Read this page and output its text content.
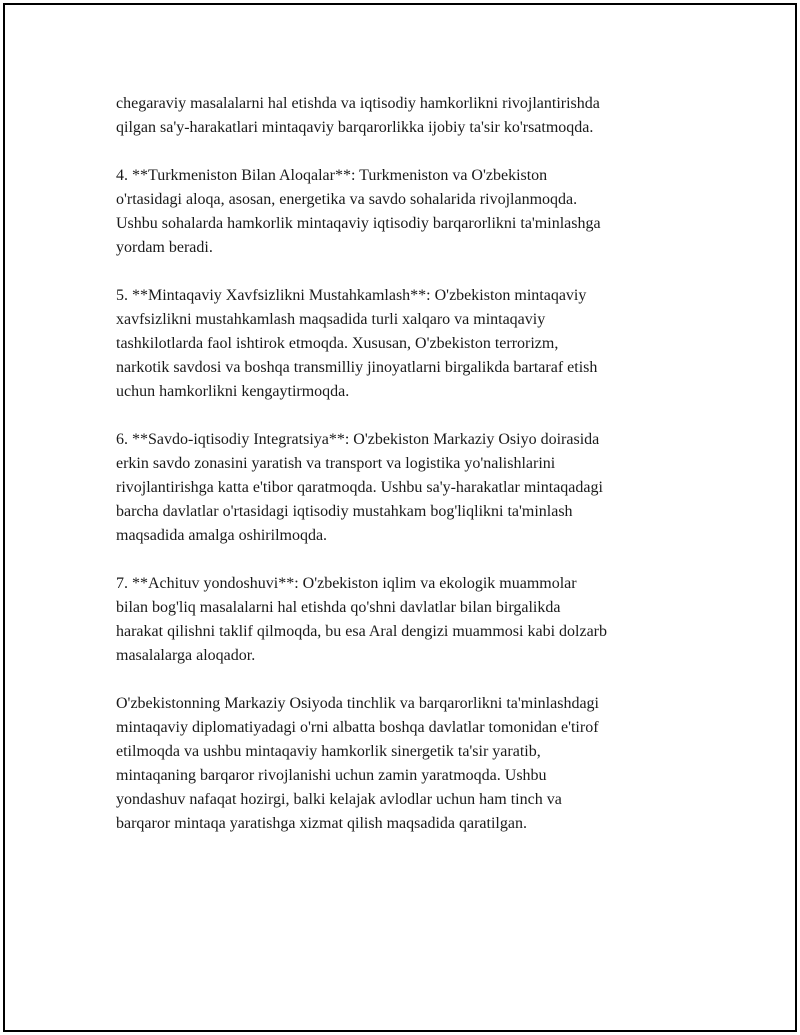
chegaraviy masalalarni hal etishda va iqtisodiy hamkorlikni rivojlantirishda
qilgan sa'y-harakatlari mintaqaviy barqarorlikka ijobiy ta'sir ko'rsatmoqda.

4. **Turkmeniston Bilan Aloqalar**: Turkmeniston va O'zbekiston
o'rtasidagi aloqa, asosan, energetika va savdo sohalarida rivojlanmoqda.
Ushbu sohalarda hamkorlik mintaqaviy iqtisodiy barqarorlikni ta'minlashga
yordam beradi.

5. **Mintaqaviy Xavfsizlikni Mustahkamlash**: O'zbekiston mintaqaviy
xavfsizlikni mustahkamlash maqsadida turli xalqaro va mintaqaviy
tashkilotlarda faol ishtirok etmoqda. Xususan, O'zbekiston terrorizm,
narkotik savdosi va boshqa transmilliy jinoyatlarni birgalikda bartaraf etish
uchun hamkorlikni kengaytirmoqda.

6. **Savdo-iqtisodiy Integratsiya**: O'zbekiston Markaziy Osiyo doirasida
erkin savdo zonasini yaratish va transport va logistika yo'nalishlarini
rivojlantirishga katta e'tibor qaratmoqda. Ushbu sa'y-harakatlar mintaqadagi
barcha davlatlar o'rtasidagi iqtisodiy mustahkam bog'liqlikni ta'minlash
maqsadida amalga oshirilmoqda.

7. **Achituv yondoshuvi**: O'zbekiston iqlim va ekologik muammolar
bilan bog'liq masalalarni hal etishda qo'shni davlatlar bilan birgalikda
harakat qilishni taklif qilmoqda, bu esa Aral dengizi muammosi kabi dolzarb
masalalarga aloqador.

O'zbekistonning Markaziy Osiyoda tinchlik va barqarorlikni ta'minlashdagi
mintaqaviy diplomatiyadagi o'rni albatta boshqa davlatlar tomonidan e'tirof
etilmoqda va ushbu mintaqaviy hamkorlik sinergetik ta'sir yaratib,
mintaqaning barqaror rivojlanishi uchun zamin yaratmoqda. Ushbu
yondashuv nafaqat hozirgi, balki kelajak avlodlar uchun ham tinch va
barqaror mintaqa yaratishga xizmat qilish maqsadida qaratilgan.
